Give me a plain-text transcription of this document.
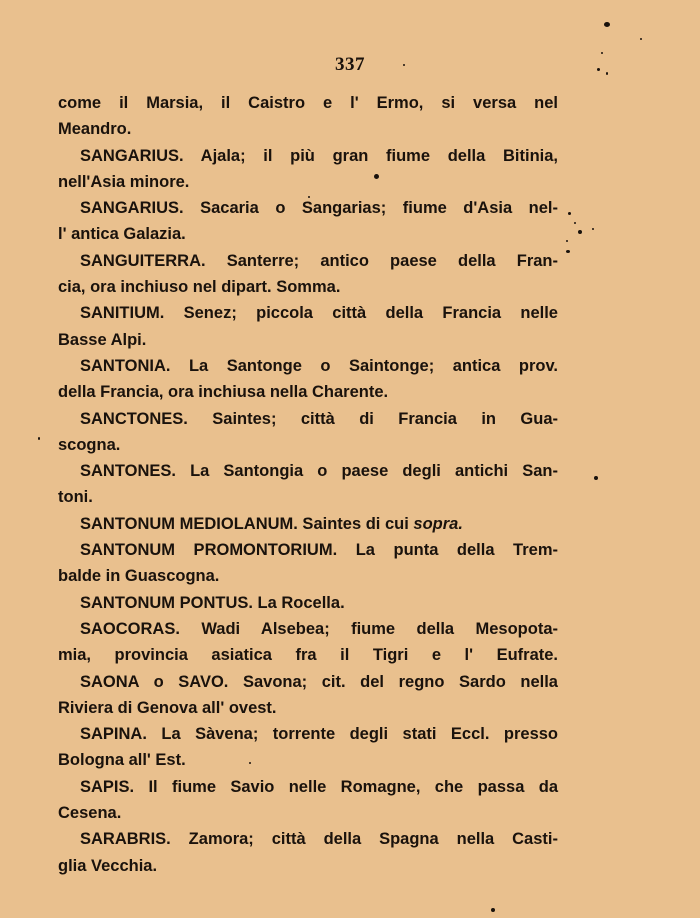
337
come il Marsia, il Caistro e l' Ermo, si versa nel
Meandro.
SANGARIUS. Ajala; il più gran fiume della Bitinia,
nell'Asia minore.
SANGARIUS. Sacaria o Sangarias; fiume d'Asia nel-
l' antica Galazia.
SANGUITERRA. Santerre; antico paese della Fran-
cia, ora inchiuso nel dipart. Somma.
SANITIUM. Senez; piccola città della Francia nelle
Basse Alpi.
SANTONIA. La Santonge o Saintonge; antica prov.
della Francia, ora inchiusa nella Charente.
SANCTONES. Saintes; città di Francia in Gua-
scogna.
SANTONES. La Santongia o paese degli antichi San-
toni.
SANTONUM MEDIOLANUM. Saintes di cui sopra.
SANTONUM PROMONTORIUM. La punta della Trem-
balde in Guascogna.
SANTONUM PONTUS. La Rocella.
SAOCORAS. Wadi Alsebea; fiume della Mesopota-
mia, provincia asiatica fra il Tigri e l' Eufrate.
SAONA o SAVO. Savona; cit. del regno Sardo nella
Riviera di Genova all' ovest.
SAPINA. La Sàvena; torrente degli stati Eccl. presso
Bologna all' Est.
SAPIS. Il fiume Savio nelle Romagne, che passa da
Cesena.
SARABRIS. Zamora; città della Spagna nella Casti-
glia Vecchia.
